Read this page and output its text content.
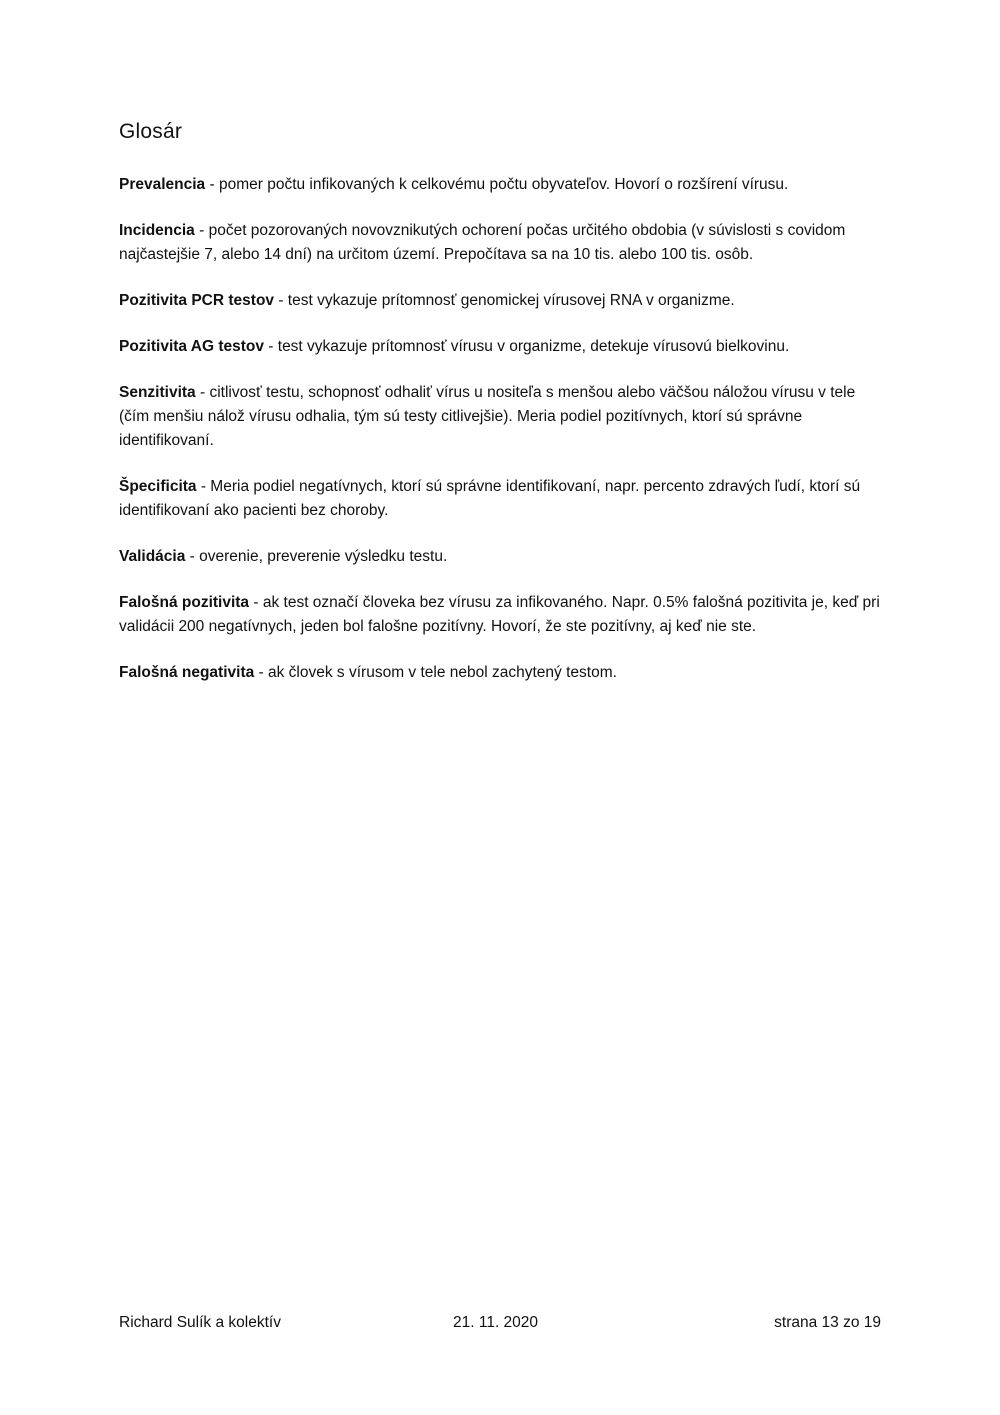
Glosár

Prevalencia - pomer počtu infikovaných k celkovému počtu obyvateľov. Hovorí o rozšírení vírusu.

Incidencia - počet pozorovaných novovznikutých ochorení počas určitého obdobia (v súvislosti s covidom najčastejšie 7, alebo 14 dní) na určitom území. Prepočítava sa na 10 tis. alebo 100 tis. osôb.

Pozitivita PCR testov - test vykazuje prítomnosť genomickej vírusovej RNA v organizme.

Pozitivita AG testov - test vykazuje prítomnosť vírusu v organizme, detekuje vírusovú bielkovinu.

Senzitivita - citlivosť testu, schopnosť odhaliť vírus u nositeľa s menšou alebo väčšou náložou vírusu v tele (čím menšiu nálož vírusu odhalia, tým sú testy citlivejšie). Meria podiel pozitívnych, ktorí sú správne identifikovaní.

Špecificita - Meria podiel negatívnych, ktorí sú správne identifikovaní, napr. percento zdravých ľudí, ktorí sú identifikovaní ako pacienti bez choroby.

Validácia - overenie, preverenie výsledku testu.

Falošná pozitivita - ak test označí človeka bez vírusu za infikovaného. Napr. 0.5% falošná pozitivita je, keď pri validácii 200 negatívnych, jeden bol falošne pozitívny. Hovorí, že ste pozitívny, aj keď nie ste.

Falošná negativita - ak človek s vírusom v tele nebol zachytený testom.

Richard Sulík a kolektív	21. 11. 2020	strana 13 zo 19
